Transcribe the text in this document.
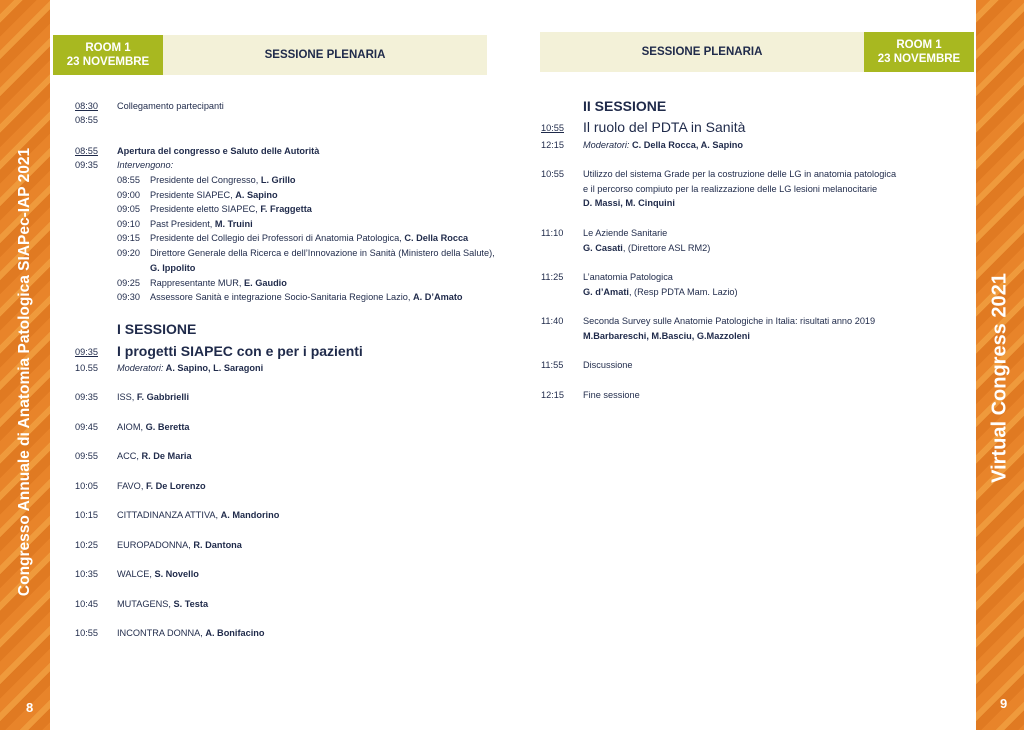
Congresso Annuale di Anatomia Patologica SIAPec-IAP 2021	Virtual Congress 2021
8	9
ROOM 1
23 NOVEMBRE
SESSIONE PLENARIA	SESSIONE PLENARIA
ROOM 1
23 NOVEMBRE
08:30
08:55
Collegamento partecipanti
08:55
09:35
Apertura del congresso e Saluto delle Autorità
Intervengono:
08:55 Presidente del Congresso, L. Grillo
09:00 Presidente SIAPEC, A. Sapino
09:05 Presidente eletto SIAPEC, F. Fraggetta
09:10 Past President, M. Truini
09:15 Presidente del Collegio dei Professori di Anatomia Patologica, C. Della Rocca
09:20 Direttore Generale della Ricerca e dell’Innovazione in Sanità (Ministero della Salute),
G. Ippolito
09:25 Rappresentante MUR, E. Gaudio
09:30 Assessore Sanità e integrazione Socio-Sanitaria Regione Lazio, A. D’Amato
I SESSIONE
09:35
10.55
I progetti SIAPEC con e per i pazienti
Moderatori: A. Sapino, L. Saragoni
09:35 ISS, F. Gabbrielli
09:45 AIOM, G. Beretta
09:55 ACC, R. De Maria
10:05 FAVO, F. De Lorenzo
10:15 CITTADINANZA ATTIVA, A. Mandorino
10:25 EUROPADONNA, R. Dantona
10:35 WALCE, S. Novello
10:45 MUTAGENS, S. Testa
10:55 INCONTRA DONNA, A. Bonifacino
II SESSIONE
10:55
12:15
Il ruolo del PDTA in Sanità
Moderatori: C. Della Rocca, A. Sapino
10:55 Utilizzo del sistema Grade per la costruzione delle LG in anatomia patologica
e il percorso compiuto per la realizzazione delle LG lesioni melanocitarie
D. Massi, M. Cinquini
11:10 Le Aziende Sanitarie
G. Casati, (Direttore ASL RM2)
11:25 L’anatomia Patologica
G. d’Amati, (Resp PDTA Mam. Lazio)
11:40 Seconda Survey sulle Anatomie Patologiche in Italia: risultati anno 2019
M.Barbareschi, M.Basciu, G.Mazzoleni
11:55 Discussione
12:15 Fine sessione
